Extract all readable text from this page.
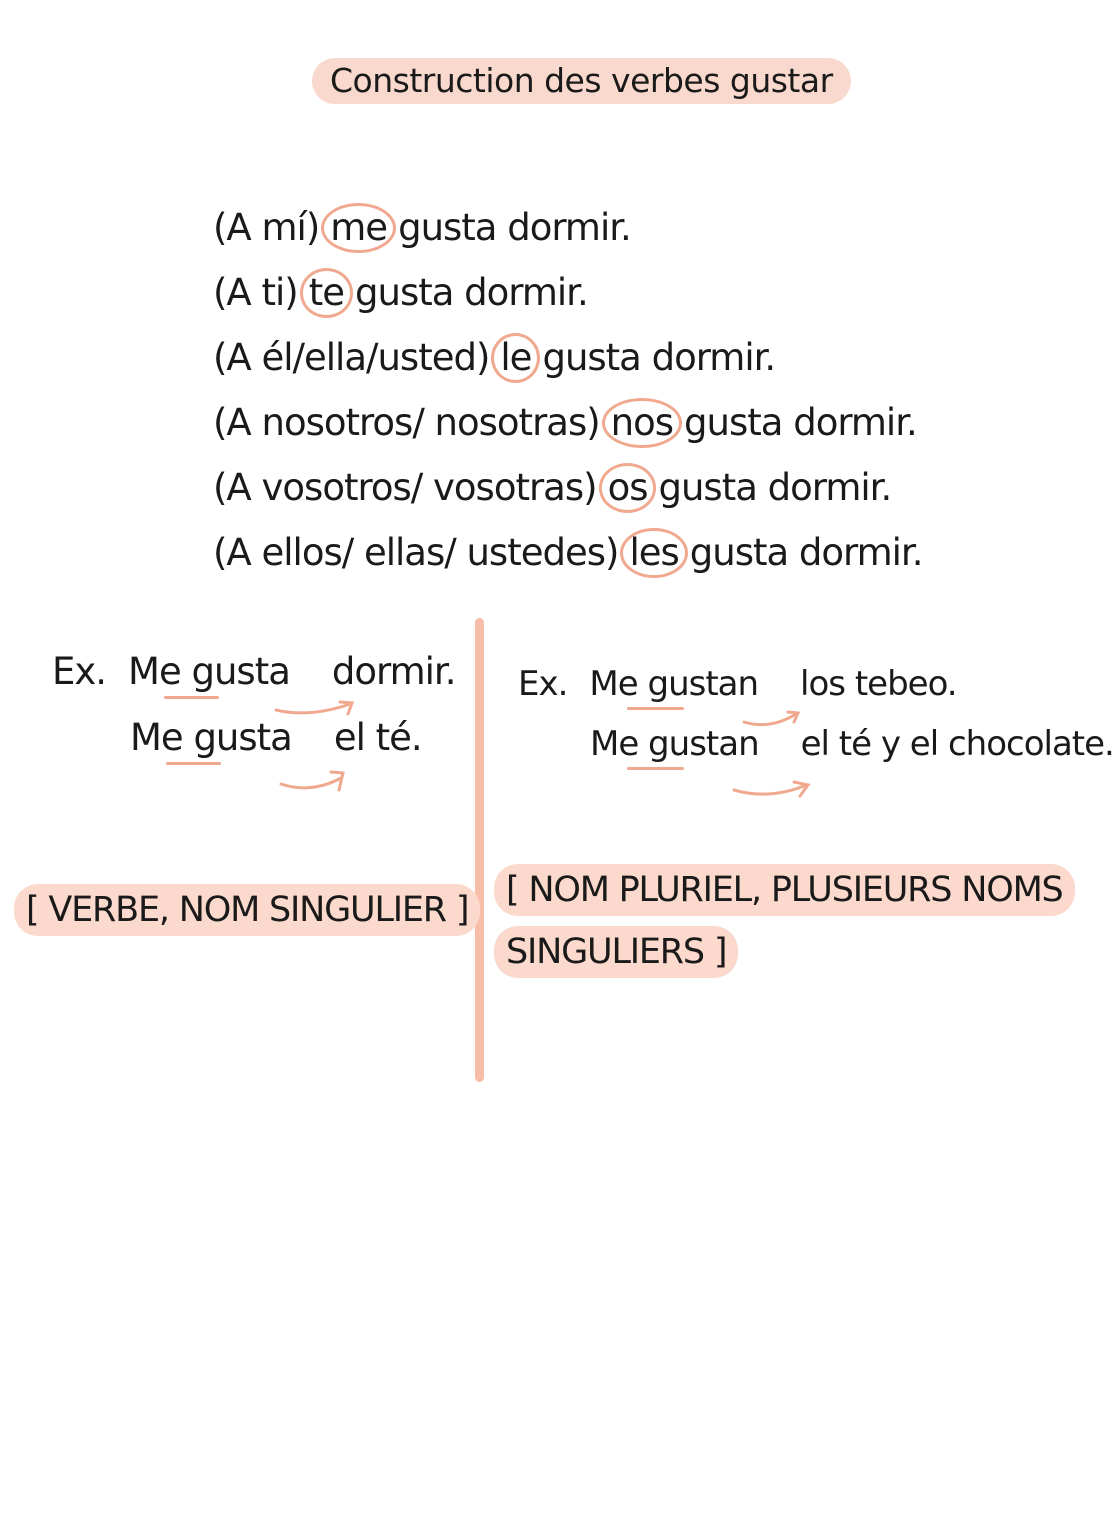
Construction des verbes gustar
(A mí) me gusta dormir.
(A ti) te gusta dormir.
(A él/ella/usted) le gusta dormir.
(A nosotros/ nosotras) nos gusta dormir.
(A vosotros/ vosotras) os gusta dormir.
(A ellos/ ellas/ ustedes) les gusta dormir.
Ex. Me gusta dormir.
Me gusta el té.
[ VERBE, NOM SINGULIER ]
Ex. Me gustan los tebeo.
Me gustan el té y el chocolate.
[ NOM PLURIEL, PLUSIEURS NOMS
SINGULIERS ]
